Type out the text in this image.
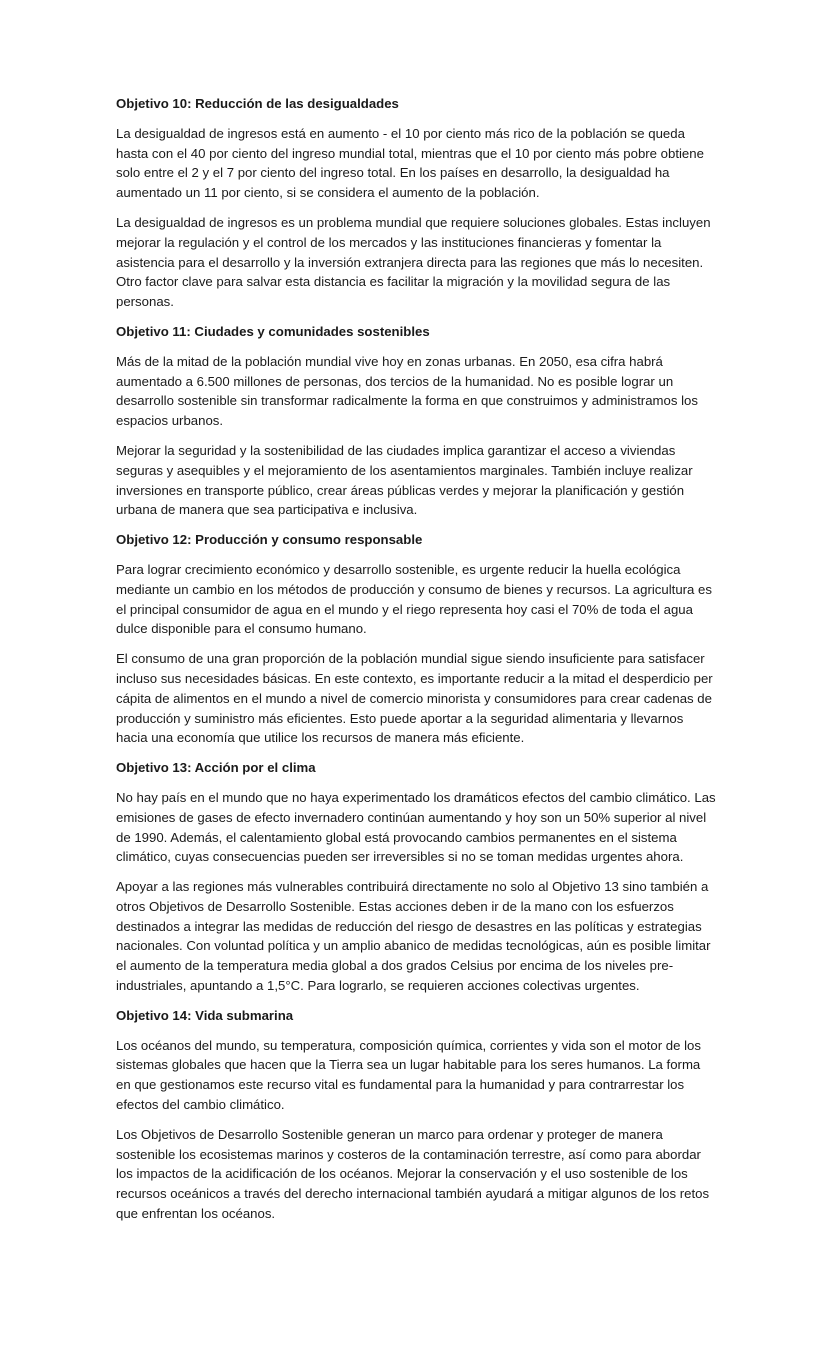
Objetivo 10: Reducción de las desigualdades

La desigualdad de ingresos está en aumento - el 10 por ciento más rico de la población se queda hasta con el 40 por ciento del ingreso mundial total, mientras que el 10 por ciento más pobre obtiene solo entre el 2 y el 7 por ciento del ingreso total. En los países en desarrollo, la desigualdad ha aumentado un 11 por ciento, si se considera el aumento de la población.

La desigualdad de ingresos es un problema mundial que requiere soluciones globales. Estas incluyen mejorar la regulación y el control de los mercados y las instituciones financieras y fomentar la asistencia para el desarrollo y la inversión extranjera directa para las regiones que más lo necesiten. Otro factor clave para salvar esta distancia es facilitar la migración y la movilidad segura de las personas.

Objetivo 11: Ciudades y comunidades sostenibles

Más de la mitad de la población mundial vive hoy en zonas urbanas. En 2050, esa cifra habrá aumentado a 6.500 millones de personas, dos tercios de la humanidad. No es posible lograr un desarrollo sostenible sin transformar radicalmente la forma en que construimos y administramos los espacios urbanos.

Mejorar la seguridad y la sostenibilidad de las ciudades implica garantizar el acceso a viviendas seguras y asequibles y el mejoramiento de los asentamientos marginales. También incluye realizar inversiones en transporte público, crear áreas públicas verdes y mejorar la planificación y gestión urbana de manera que sea participativa e inclusiva.

Objetivo 12: Producción y consumo responsable

Para lograr crecimiento económico y desarrollo sostenible, es urgente reducir la huella ecológica mediante un cambio en los métodos de producción y consumo de bienes y recursos. La agricultura es el principal consumidor de agua en el mundo y el riego representa hoy casi el 70% de toda el agua dulce disponible para el consumo humano.

El consumo de una gran proporción de la población mundial sigue siendo insuficiente para satisfacer incluso sus necesidades básicas. En este contexto, es importante reducir a la mitad el desperdicio per cápita de alimentos en el mundo a nivel de comercio minorista y consumidores para crear cadenas de producción y suministro más eficientes. Esto puede aportar a la seguridad alimentaria y llevarnos hacia una economía que utilice los recursos de manera más eficiente.

Objetivo 13: Acción por el clima

No hay país en el mundo que no haya experimentado los dramáticos efectos del cambio climático. Las emisiones de gases de efecto invernadero continúan aumentando y hoy son un 50% superior al nivel de 1990. Además, el calentamiento global está provocando cambios permanentes en el sistema climático, cuyas consecuencias pueden ser irreversibles si no se toman medidas urgentes ahora.

Apoyar a las regiones más vulnerables contribuirá directamente no solo al Objetivo 13 sino también a otros Objetivos de Desarrollo Sostenible. Estas acciones deben ir de la mano con los esfuerzos destinados a integrar las medidas de reducción del riesgo de desastres en las políticas y estrategias nacionales. Con voluntad política y un amplio abanico de medidas tecnológicas, aún es posible limitar el aumento de la temperatura media global a dos grados Celsius por encima de los niveles pre-industriales, apuntando a 1,5°C. Para lograrlo, se requieren acciones colectivas urgentes.

Objetivo 14: Vida submarina

Los océanos del mundo, su temperatura, composición química, corrientes y vida son el motor de los sistemas globales que hacen que la Tierra sea un lugar habitable para los seres humanos. La forma en que gestionamos este recurso vital es fundamental para la humanidad y para contrarrestar los efectos del cambio climático.

Los Objetivos de Desarrollo Sostenible generan un marco para ordenar y proteger de manera sostenible los ecosistemas marinos y costeros de la contaminación terrestre, así como para abordar los impactos de la acidificación de los océanos. Mejorar la conservación y el uso sostenible de los recursos oceánicos a través del derecho internacional también ayudará a mitigar algunos de los retos que enfrentan los océanos.
